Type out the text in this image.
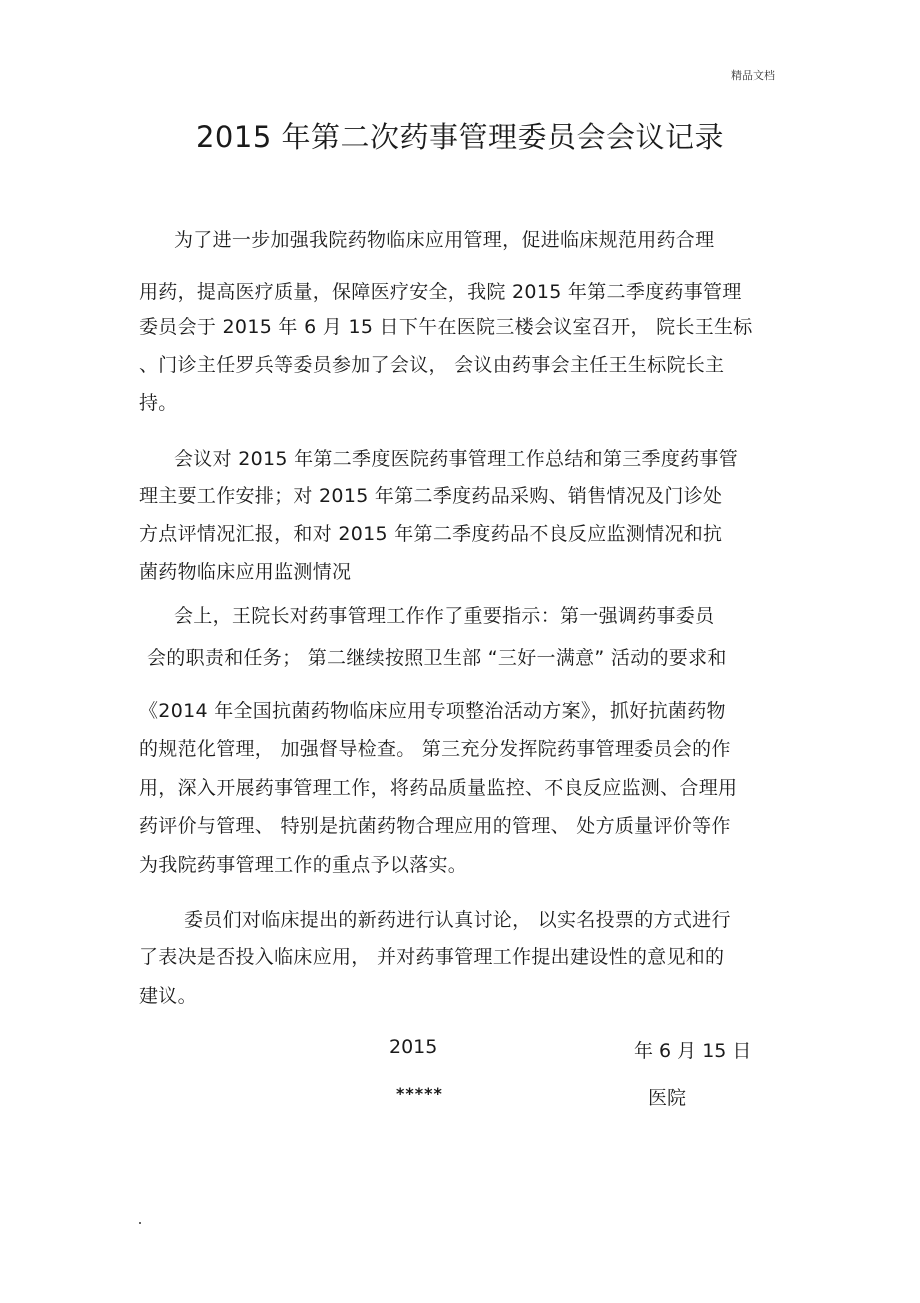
精品文档
2015 年第二次药事管理委员会会议记录
为了进一步加强我院药物临床应用管理，促进临床规范用药合理
用药，提高医疗质量，保障医疗安全，我院 2015 年第二季度药事管理
委员会于 2015 年 6 月 15 日下午在医院三楼会议室召开， 院长王生标
、门诊主任罗兵等委员参加了会议， 会议由药事会主任王生标院长主
持。
会议对 2015 年第二季度医院药事管理工作总结和第三季度药事管
理主要工作安排；对 2015 年第二季度药品采购、销售情况及门诊处
方点评情况汇报，和对 2015 年第二季度药品不良反应监测情况和抗
菌药物临床应用监测情况
会上，王院长对药事管理工作作了重要指示：第一强调药事委员
会的职责和任务； 第二继续按照卫生部 “三好一满意” 活动的要求和
《2014 年全国抗菌药物临床应用专项整治活动方案》，抓好抗菌药物
的规范化管理， 加强督导检查。 第三充分发挥院药事管理委员会的作
用，深入开展药事管理工作，将药品质量监控、不良反应监测、合理用
药评价与管理、 特别是抗菌药物合理应用的管理、 处方质量评价等作
为我院药事管理工作的重点予以落实。
委员们对临床提出的新药进行认真讨论， 以实名投票的方式进行
了表决是否投入临床应用， 并对药事管理工作提出建设性的意见和的
建议。
2015	年 6 月 15 日
*****	医院
